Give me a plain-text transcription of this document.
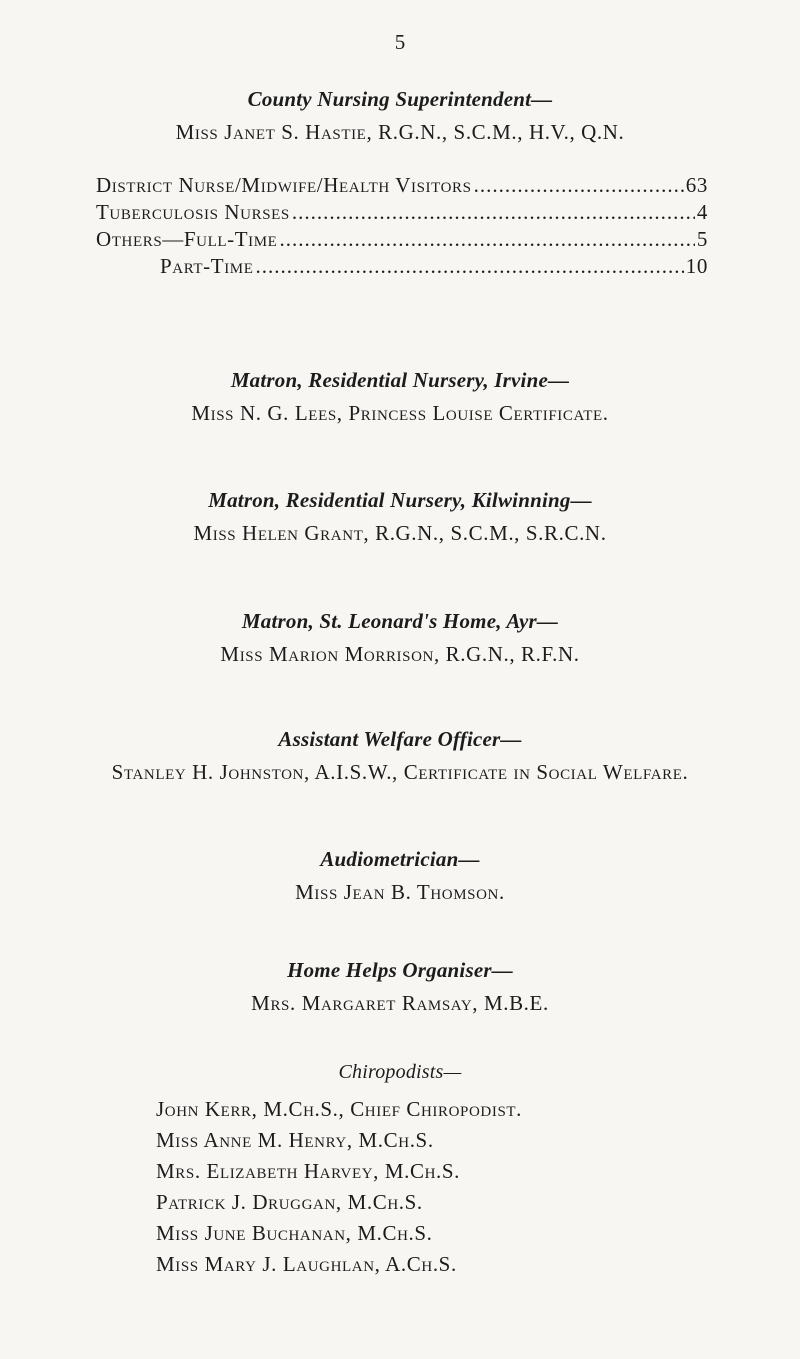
5
County Nursing Superintendent—
Miss Janet S. Hastie, R.G.N., S.C.M., H.V., Q.N.
District Nurse/Midwife/Health Visitors .....	63
Tuberculosis Nurses .....	4
Others—Full-Time .....	5
Part-Time .....	10
Matron, Residential Nursery, Irvine—
Miss N. G. Lees, Princess Louise Certificate.
Matron, Residential Nursery, Kilwinning—
Miss Helen Grant, R.G.N., S.C.M., S.R.C.N.
Matron, St. Leonard's Home, Ayr—
Miss Marion Morrison, R.G.N., R.F.N.
Assistant Welfare Officer—
Stanley H. Johnston, A.I.S.W., Certificate in Social Welfare.
Audiometrician—
Miss Jean B. Thomson.
Home Helps Organiser—
Mrs. Margaret Ramsay, M.B.E.
Chiropodists—
John Kerr, M.Ch.S., Chief Chiropodist.
Miss Anne M. Henry, M.Ch.S.
Mrs. Elizabeth Harvey, M.Ch.S.
Patrick J. Druggan, M.Ch.S.
Miss June Buchanan, M.Ch.S.
Miss Mary J. Laughlan, A.Ch.S.
